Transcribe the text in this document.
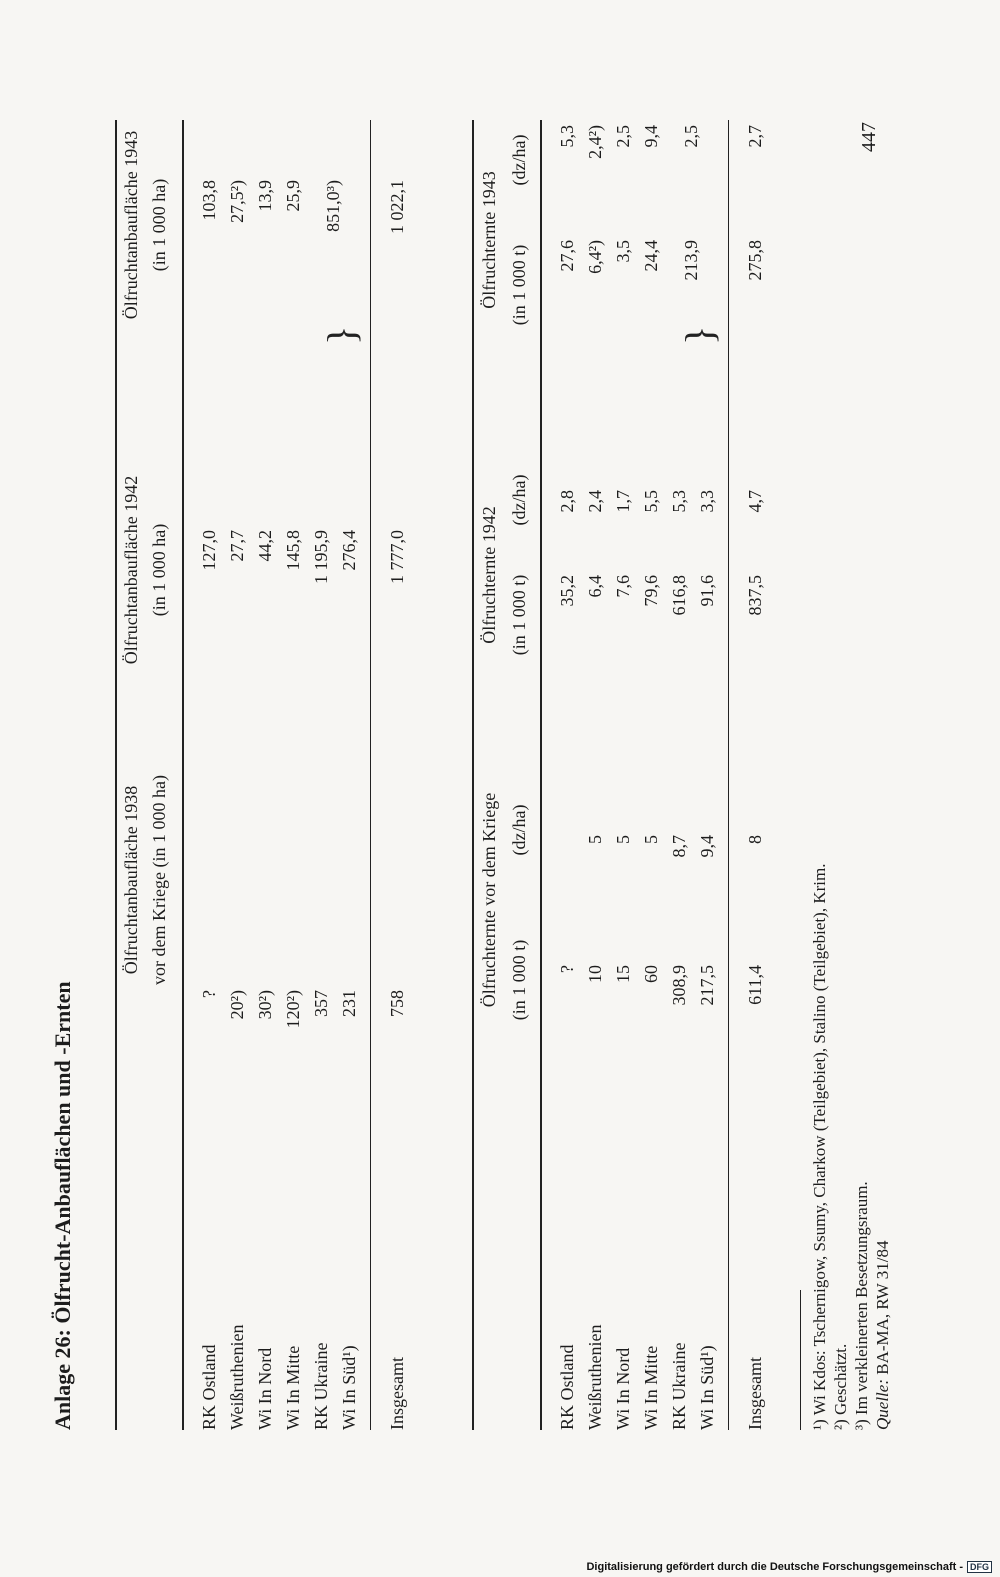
Anlage 26: Ölfrucht-Anbauflächen und -Ernten
Ölfruchtanbaufläche 1938 vor dem Kriege (in 1 000 ha)
Ölfruchtanbaufläche 1942 (in 1 000 ha)
Ölfruchtanbaufläche 1943 (in 1 000 ha)
RK Ostland
?
127,0
103,8
Weißruthenien
20²)
27,7
27,5²)
Wi In Nord
30²)
44,2
13,9
Wi In Mitte
120²)
145,8
25,9
RK Ukraine
357
1 195,9
851,0³)
Wi In Süd¹)
231
276,4
}
Insgesamt
758
1 777,0
1 022,1
Ölfruchternte vor dem Kriege (in 1 000 t)
(dz/ha)
Ölfruchternte 1942 (in 1 000 t)
(dz/ha)
Ölfruchternte 1943 (in 1 000 t)
(dz/ha)
RK Ostland
?
35,2
2,8
27,6
5,3
Weißruthenien
10
5
6,4
2,4
6,4²)
2,4²)
Wi In Nord
15
5
7,6
1,7
3,5
2,5
Wi In Mitte
60
5
79,6
5,5
24,4
9,4
RK Ukraine
308,9
8,7
616,8
5,3
213,9
2,5
Wi In Süd¹)
217,5
9,4
91,6
3,3
}
Insgesamt
611,4
8
837,5
4,7
275,8
2,7
¹) Wi Kdos: Tschernigow, Ssumy, Charkow (Teilgebiet), Stalino (Teilgebiet), Krim. ²) Geschätzt. ³) Im verkleinerten Besetzungsraum. Quelle: BA-MA, RW 31/84
447
Digitalisierung gefördert durch die Deutsche Forschungsgemeinschaft - DFG
